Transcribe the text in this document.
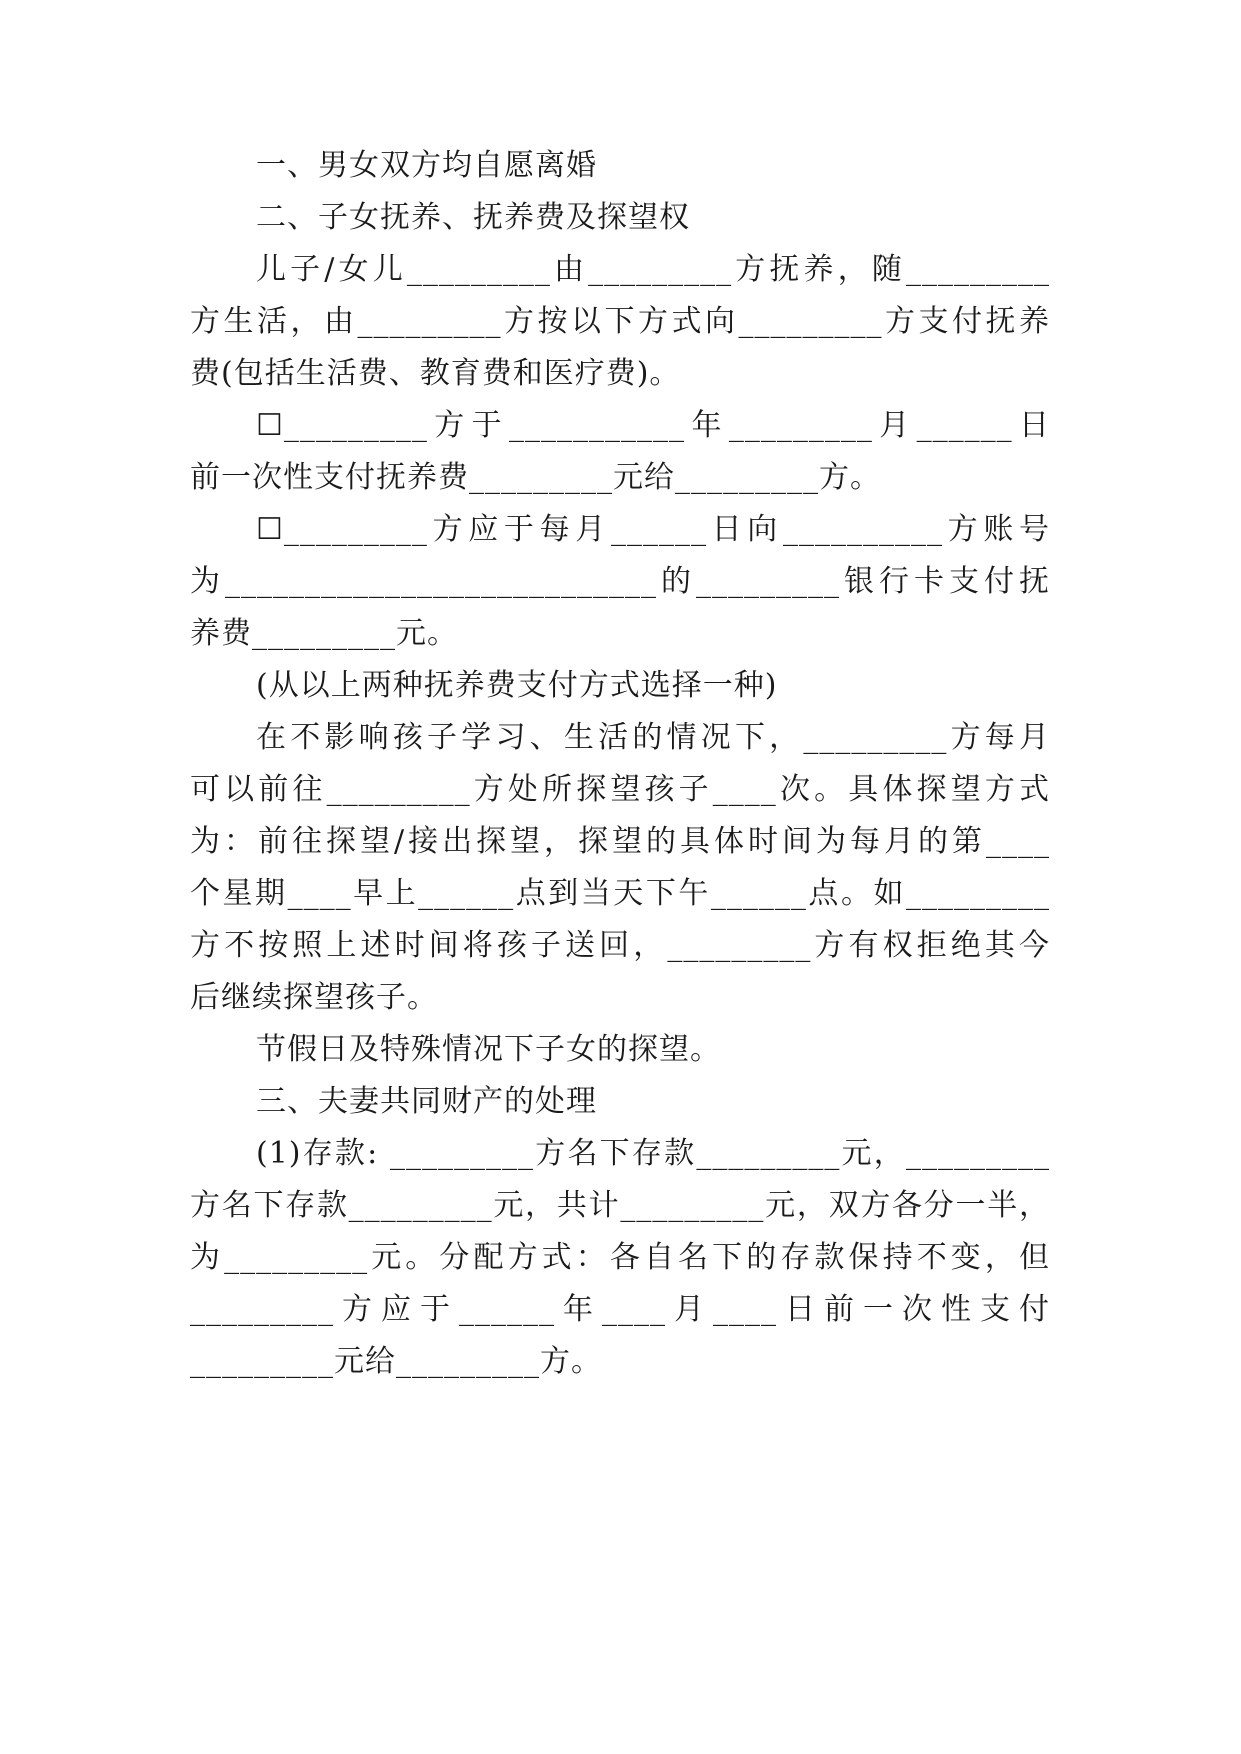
一、男女双方均自愿离婚
二、子女抚养、抚养费及探望权
儿子/女儿_________由_________方抚养，随_________
方生活，由_________方按以下方式向_________方支付抚养
费(包括生活费、教育费和医疗费)。
☐_________方于___________年_________月______日
前一次性支付抚养费_________元给_________方。
☐_________方应于每月______日向__________方账号
为___________________________的_________银行卡支付抚
养费_________元。
(从以上两种抚养费支付方式选择一种)
在不影响孩子学习、生活的情况下，_________方每月
可以前往_________方处所探望孩子____次。具体探望方式
为：前往探望/接出探望，探望的具体时间为每月的第____
个星期____早上______点到当天下午______点。如_________
方不按照上述时间将孩子送回，_________方有权拒绝其今
后继续探望孩子。
节假日及特殊情况下子女的探望。
三、夫妻共同财产的处理
(1)存款: _________方名下存款_________元，_________
方名下存款_________元，共计_________元，双方各分一半，
为_________元。分配方式：各自名下的存款保持不变，但
_________方应于______年____月____日前一次性支付
_________元给_________方。
